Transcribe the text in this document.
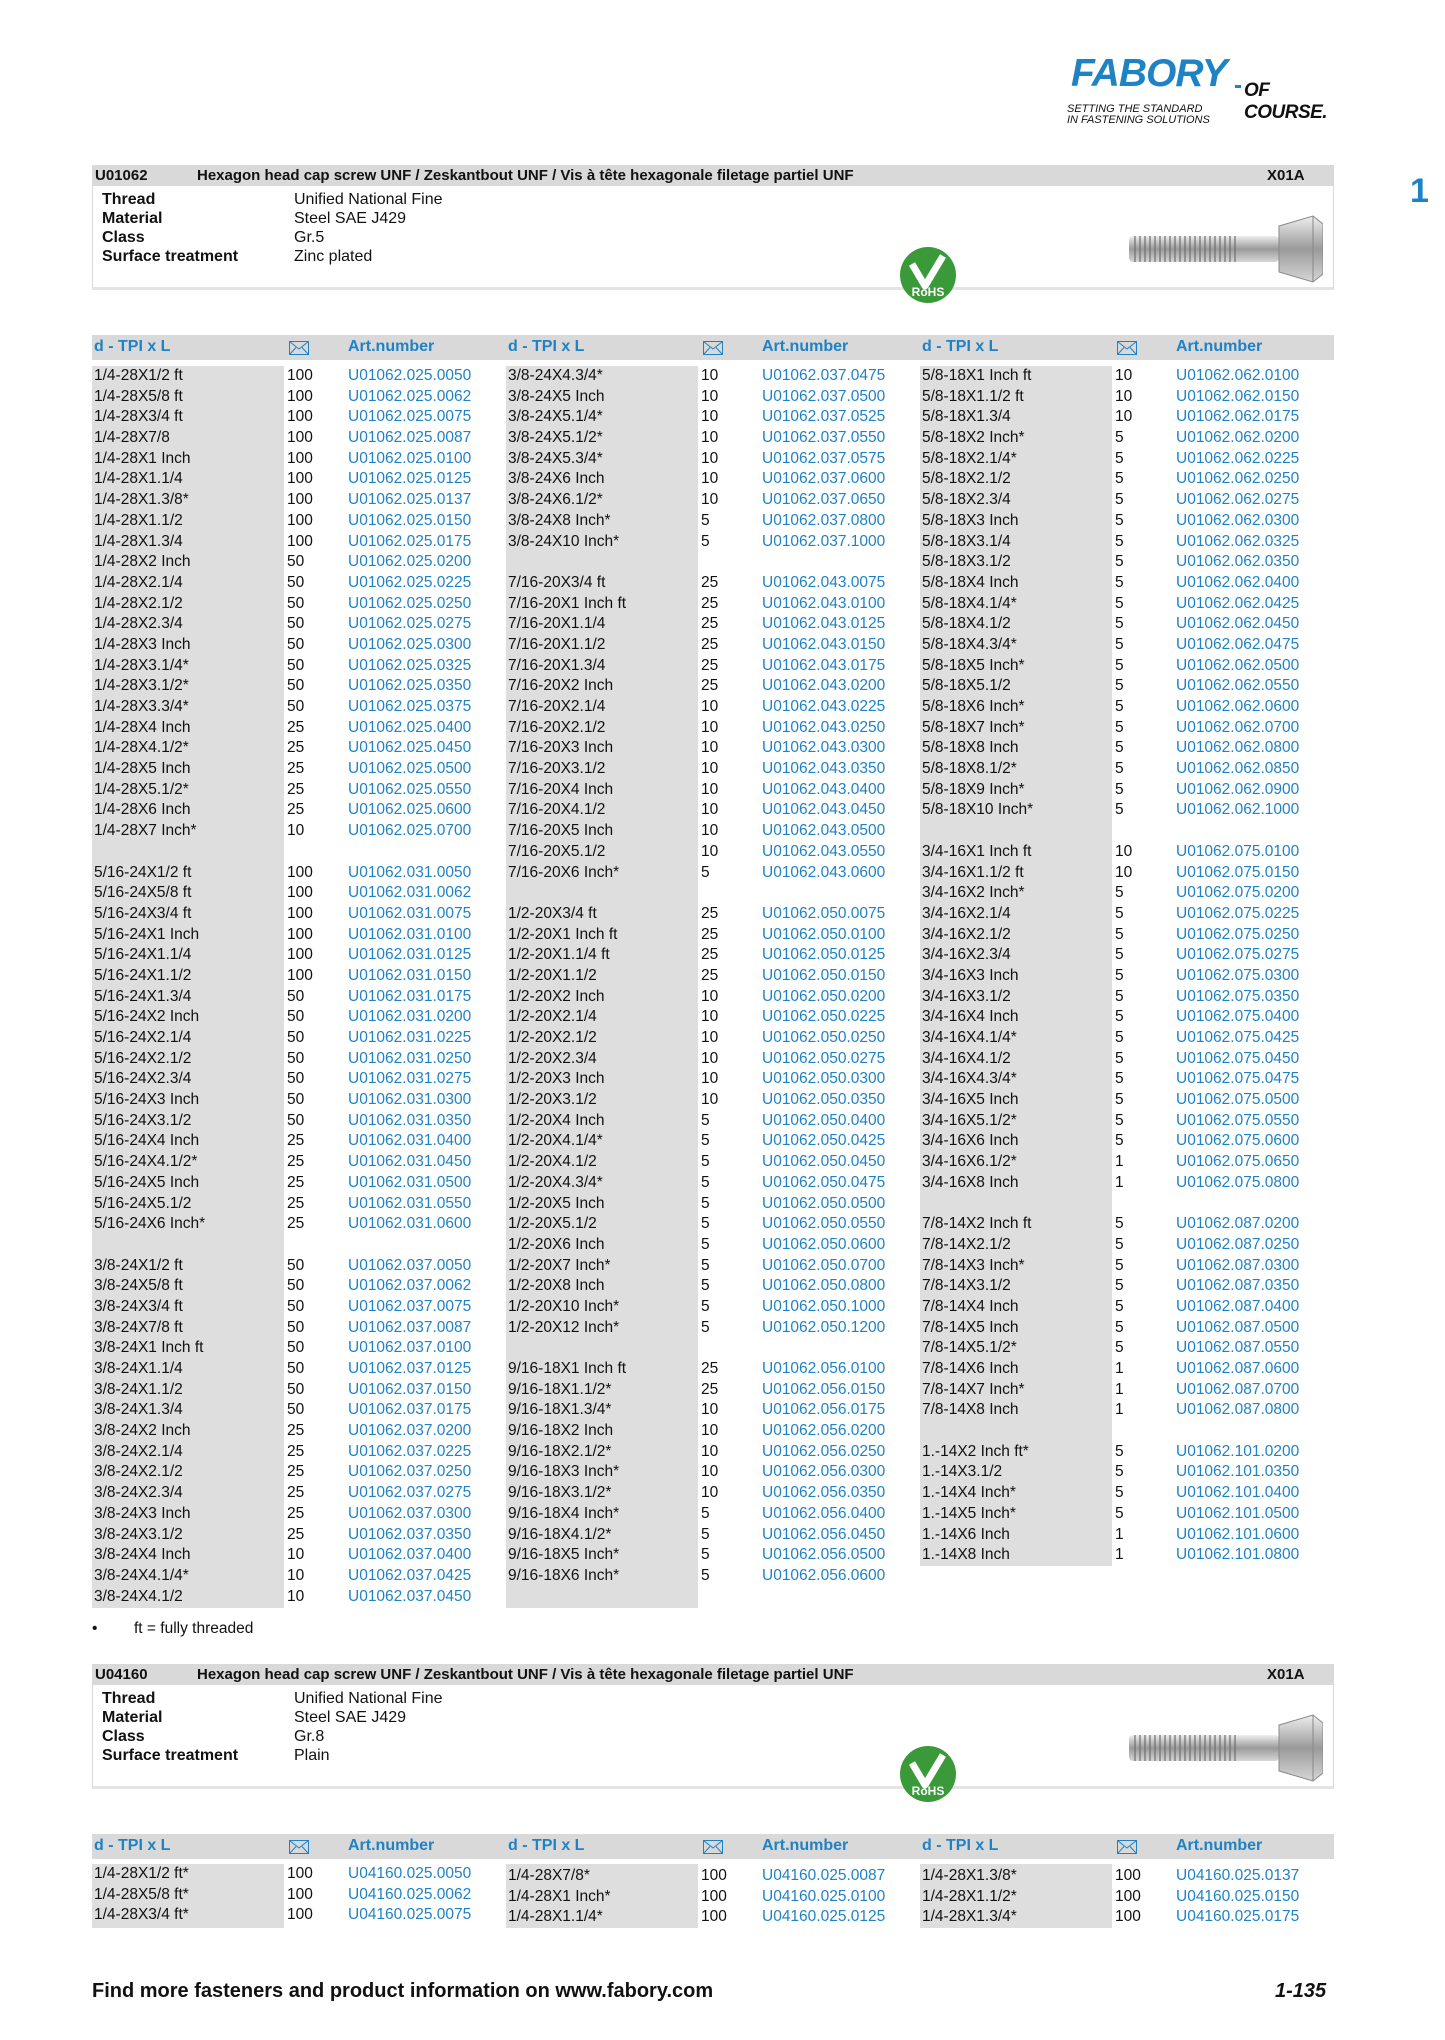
FABORY OF COURSE.
SETTING THE STANDARD
IN FASTENING SOLUTIONS
1
U01062	Hexagon head cap screw UNF / Zeskantbout UNF / Vis à tête hexagonale filetage partiel UNF	X01A
Thread	Unified National Fine
Material	Steel SAE J429
Class	Gr.5
Surface treatment	Zinc plated
RoHS
d - TPI x L	Art.number	d - TPI x L	Art.number	d - TPI x L	Art.number
1/4-28X1/2 ft	100 U01062.025.0050
1/4-28X5/8 ft	100 U01062.025.0062
1/4-28X3/4 ft	100 U01062.025.0075
1/4-28X7/8	100 U01062.025.0087
1/4-28X1 Inch	100 U01062.025.0100
1/4-28X1.1/4	100 U01062.025.0125
1/4-28X1.3/8*	100 U01062.025.0137
1/4-28X1.1/2	100 U01062.025.0150
1/4-28X1.3/4	100 U01062.025.0175
1/4-28X2 Inch	50	U01062.025.0200
1/4-28X2.1/4	50	U01062.025.0225
1/4-28X2.1/2	50	U01062.025.0250
1/4-28X2.3/4	50	U01062.025.0275
1/4-28X3 Inch	50	U01062.025.0300
1/4-28X3.1/4*	50	U01062.025.0325
1/4-28X3.1/2*	50	U01062.025.0350
1/4-28X3.3/4*	50	U01062.025.0375
1/4-28X4 Inch	25	U01062.025.0400
1/4-28X4.1/2*	25	U01062.025.0450
1/4-28X5 Inch	25	U01062.025.0500
1/4-28X5.1/2*	25	U01062.025.0550
1/4-28X6 Inch	25	U01062.025.0600
1/4-28X7 Inch*	10	U01062.025.0700
5/16-24X1/2 ft	100 U01062.031.0050
5/16-24X5/8 ft	100 U01062.031.0062
5/16-24X3/4 ft	100 U01062.031.0075
5/16-24X1 Inch	100 U01062.031.0100
5/16-24X1.1/4	100 U01062.031.0125
5/16-24X1.1/2	100 U01062.031.0150
5/16-24X1.3/4	50	U01062.031.0175
5/16-24X2 Inch	50	U01062.031.0200
5/16-24X2.1/4	50	U01062.031.0225
5/16-24X2.1/2	50	U01062.031.0250
5/16-24X2.3/4	50	U01062.031.0275
5/16-24X3 Inch	50	U01062.031.0300
5/16-24X3.1/2	50	U01062.031.0350
5/16-24X4 Inch	25	U01062.031.0400
5/16-24X4.1/2*	25	U01062.031.0450
5/16-24X5 Inch	25	U01062.031.0500
5/16-24X5.1/2	25	U01062.031.0550
5/16-24X6 Inch*	25	U01062.031.0600
3/8-24X1/2 ft	50	U01062.037.0050
3/8-24X5/8 ft	50	U01062.037.0062
3/8-24X3/4 ft	50	U01062.037.0075
3/8-24X7/8 ft	50	U01062.037.0087
3/8-24X1 Inch ft	50	U01062.037.0100
3/8-24X1.1/4	50	U01062.037.0125
3/8-24X1.1/2	50	U01062.037.0150
3/8-24X1.3/4	50	U01062.037.0175
3/8-24X2 Inch	25	U01062.037.0200
3/8-24X2.1/4	25	U01062.037.0225
3/8-24X2.1/2	25	U01062.037.0250
3/8-24X2.3/4	25	U01062.037.0275
3/8-24X3 Inch	25	U01062.037.0300
3/8-24X3.1/2	25	U01062.037.0350
3/8-24X4 Inch	10	U01062.037.0400
3/8-24X4.1/4*	10	U01062.037.0425
3/8-24X4.1/2	10	U01062.037.0450
3/8-24X4.3/4*	10	U01062.037.0475
3/8-24X5 Inch	10	U01062.037.0500
3/8-24X5.1/4*	10	U01062.037.0525
3/8-24X5.1/2*	10	U01062.037.0550
3/8-24X5.3/4*	10	U01062.037.0575
3/8-24X6 Inch	10	U01062.037.0600
3/8-24X6.1/2*	10	U01062.037.0650
3/8-24X8 Inch*	5	U01062.037.0800
3/8-24X10 Inch*	5	U01062.037.1000
7/16-20X3/4 ft	25	U01062.043.0075
7/16-20X1 Inch ft	25	U01062.043.0100
7/16-20X1.1/4	25	U01062.043.0125
7/16-20X1.1/2	25	U01062.043.0150
7/16-20X1.3/4	25	U01062.043.0175
7/16-20X2 Inch	25	U01062.043.0200
7/16-20X2.1/4	10	U01062.043.0225
7/16-20X2.1/2	10	U01062.043.0250
7/16-20X3 Inch	10	U01062.043.0300
7/16-20X3.1/2	10	U01062.043.0350
7/16-20X4 Inch	10	U01062.043.0400
7/16-20X4.1/2	10	U01062.043.0450
7/16-20X5 Inch	10	U01062.043.0500
7/16-20X5.1/2	10	U01062.043.0550
7/16-20X6 Inch*	5	U01062.043.0600
1/2-20X3/4 ft	25	U01062.050.0075
1/2-20X1 Inch ft	25	U01062.050.0100
1/2-20X1.1/4 ft	25	U01062.050.0125
1/2-20X1.1/2	25	U01062.050.0150
1/2-20X2 Inch	10	U01062.050.0200
1/2-20X2.1/4	10	U01062.050.0225
1/2-20X2.1/2	10	U01062.050.0250
1/2-20X2.3/4	10	U01062.050.0275
1/2-20X3 Inch	10	U01062.050.0300
1/2-20X3.1/2	10	U01062.050.0350
1/2-20X4 Inch	5	U01062.050.0400
1/2-20X4.1/4*	5	U01062.050.0425
1/2-20X4.1/2	5	U01062.050.0450
1/2-20X4.3/4*	5	U01062.050.0475
1/2-20X5 Inch	5	U01062.050.0500
1/2-20X5.1/2	5	U01062.050.0550
1/2-20X6 Inch	5	U01062.050.0600
1/2-20X7 Inch*	5	U01062.050.0700
1/2-20X8 Inch	5	U01062.050.0800
1/2-20X10 Inch*	5	U01062.050.1000
1/2-20X12 Inch*	5	U01062.050.1200
9/16-18X1 Inch ft	25	U01062.056.0100
9/16-18X1.1/2*	25	U01062.056.0150
9/16-18X1.3/4*	10	U01062.056.0175
9/16-18X2 Inch	10	U01062.056.0200
9/16-18X2.1/2*	10	U01062.056.0250
9/16-18X3 Inch*	10	U01062.056.0300
9/16-18X3.1/2*	10	U01062.056.0350
9/16-18X4 Inch*	5	U01062.056.0400
9/16-18X4.1/2*	5	U01062.056.0450
9/16-18X5 Inch*	5	U01062.056.0500
9/16-18X6 Inch*	5	U01062.056.0600
5/8-18X1 Inch ft	10	U01062.062.0100
5/8-18X1.1/2 ft	10	U01062.062.0150
5/8-18X1.3/4	10	U01062.062.0175
5/8-18X2 Inch*	5	U01062.062.0200
5/8-18X2.1/4*	5	U01062.062.0225
5/8-18X2.1/2	5	U01062.062.0250
5/8-18X2.3/4	5	U01062.062.0275
5/8-18X3 Inch	5	U01062.062.0300
5/8-18X3.1/4	5	U01062.062.0325
5/8-18X3.1/2	5	U01062.062.0350
5/8-18X4 Inch	5	U01062.062.0400
5/8-18X4.1/4*	5	U01062.062.0425
5/8-18X4.1/2	5	U01062.062.0450
5/8-18X4.3/4*	5	U01062.062.0475
5/8-18X5 Inch*	5	U01062.062.0500
5/8-18X5.1/2	5	U01062.062.0550
5/8-18X6 Inch*	5	U01062.062.0600
5/8-18X7 Inch*	5	U01062.062.0700
5/8-18X8 Inch	5	U01062.062.0800
5/8-18X8.1/2*	5	U01062.062.0850
5/8-18X9 Inch*	5	U01062.062.0900
5/8-18X10 Inch*	5	U01062.062.1000
3/4-16X1 Inch ft	10	U01062.075.0100
3/4-16X1.1/2 ft	10	U01062.075.0150
3/4-16X2 Inch*	5	U01062.075.0200
3/4-16X2.1/4	5	U01062.075.0225
3/4-16X2.1/2	5	U01062.075.0250
3/4-16X2.3/4	5	U01062.075.0275
3/4-16X3 Inch	5	U01062.075.0300
3/4-16X3.1/2	5	U01062.075.0350
3/4-16X4 Inch	5	U01062.075.0400
3/4-16X4.1/4*	5	U01062.075.0425
3/4-16X4.1/2	5	U01062.075.0450
3/4-16X4.3/4*	5	U01062.075.0475
3/4-16X5 Inch	5	U01062.075.0500
3/4-16X5.1/2*	5	U01062.075.0550
3/4-16X6 Inch	5	U01062.075.0600
3/4-16X6.1/2*	1	U01062.075.0650
3/4-16X8 Inch	1	U01062.075.0800
7/8-14X2 Inch ft	5	U01062.087.0200
7/8-14X2.1/2	5	U01062.087.0250
7/8-14X3 Inch*	5	U01062.087.0300
7/8-14X3.1/2	5	U01062.087.0350
7/8-14X4 Inch	5	U01062.087.0400
7/8-14X5 Inch	5	U01062.087.0500
7/8-14X5.1/2*	5	U01062.087.0550
7/8-14X6 Inch	1	U01062.087.0600
7/8-14X7 Inch*	1	U01062.087.0700
7/8-14X8 Inch	1	U01062.087.0800
1.-14X2 Inch ft*	5	U01062.101.0200
1.-14X3.1/2	5	U01062.101.0350
1.-14X4 Inch*	5	U01062.101.0400
1.-14X5 Inch*	5	U01062.101.0500
1.-14X6 Inch	1	U01062.101.0600
1.-14X8 Inch	1	U01062.101.0800
• ft = fully threaded
U04160	Hexagon head cap screw UNF / Zeskantbout UNF / Vis à tête hexagonale filetage partiel UNF	X01A
Thread	Unified National Fine
Material	Steel SAE J429
Class	Gr.8
Surface treatment	Plain
RoHS
d - TPI x L	Art.number	d - TPI x L	Art.number	d - TPI x L	Art.number
1/4-28X1/2 ft*	100 U04160.025.0050
1/4-28X5/8 ft*	100 U04160.025.0062
1/4-28X3/4 ft*	100 U04160.025.0075
1/4-28X7/8*	100 U04160.025.0087
1/4-28X1 Inch*	100 U04160.025.0100
1/4-28X1.1/4*	100 U04160.025.0125
1/4-28X1.3/8*	100 U04160.025.0137
1/4-28X1.1/2*	100 U04160.025.0150
1/4-28X1.3/4*	100 U04160.025.0175
Find more fasteners and product information on www.fabory.com	1-135
